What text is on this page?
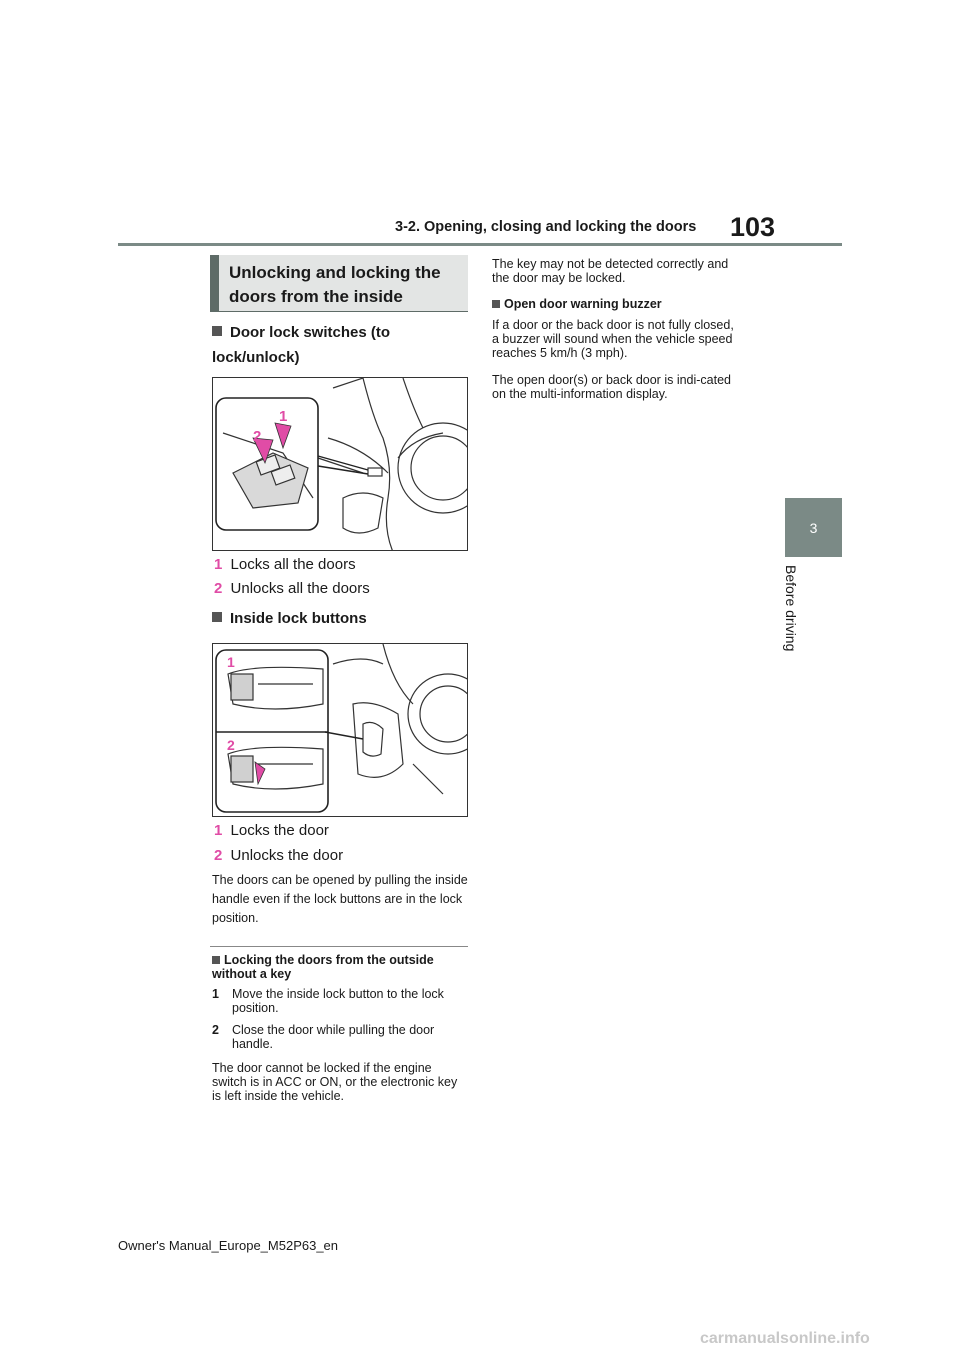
3-2. Opening, closing and locking the doors 103
3
Before driving
Unlocking and locking the doors from the inside
Door lock switches (to lock/unlock)
1
2
1 Locks all the doors
2 Unlocks all the doors
Inside lock buttons
1
2
1 Locks the door
2 Unlocks the door
The doors can be opened by pulling the inside handle even if the lock buttons are in the lock position.
Locking the doors from the outside without a key
1 Move the inside lock button to the lock position.
2 Close the door while pulling the door handle.
The door cannot be locked if the engine switch is in ACC or ON, or the electronic key is left inside the vehicle.
The key may not be detected correctly and the door may be locked.
Open door warning buzzer
If a door or the back door is not fully closed, a buzzer will sound when the vehicle speed reaches 5 km/h (3 mph).
The open door(s) or back door is indi-cated on the multi-information display.
Owner's Manual_Europe_M52P63_en
carmanualsonline.info
